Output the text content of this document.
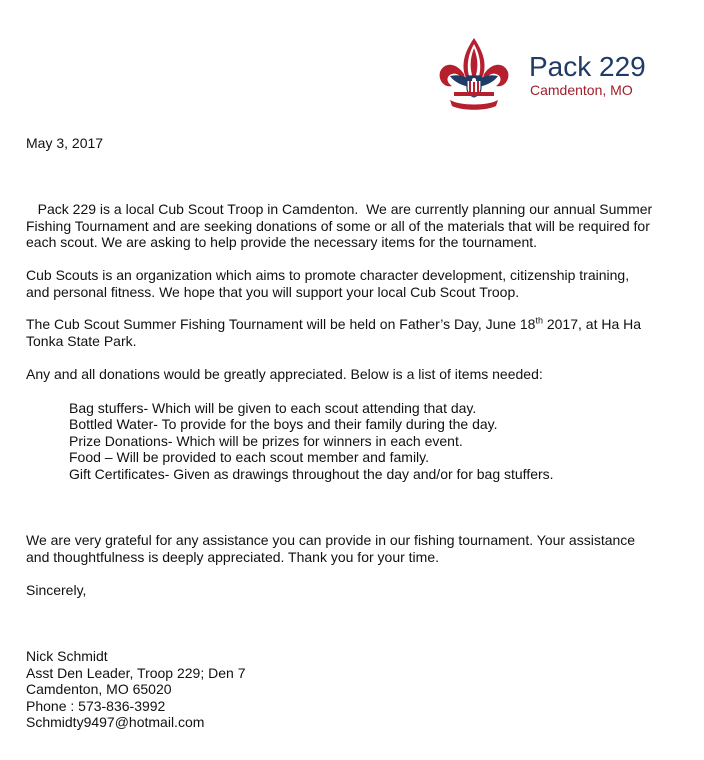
Pack 229
Camdenton, MO

May 3, 2017

Pack 229 is a local Cub Scout Troop in Camdenton.  We are currently planning our annual Summer

Fishing Tournament and are seeking donations of some or all of the materials that will be required for

each scout. We are asking to help provide the necessary items for the tournament.

Cub Scouts is an organization which aims to promote character development, citizenship training,

and personal fitness. We hope that you will support your local Cub Scout Troop.

The Cub Scout Summer Fishing Tournament will be held on Father’s Day, June 18th 2017, at Ha Ha

Tonka State Park.

Any and all donations would be greatly appreciated. Below is a list of items needed:

Bag stuffers- Which will be given to each scout attending that day.

Bottled Water- To provide for the boys and their family during the day.

Prize Donations- Which will be prizes for winners in each event.

Food – Will be provided to each scout member and family.

Gift Certificates- Given as drawings throughout the day and/or for bag stuffers.

We are very grateful for any assistance you can provide in our fishing tournament. Your assistance

and thoughtfulness is deeply appreciated. Thank you for your time.

Sincerely,

Nick Schmidt

Asst Den Leader, Troop 229; Den 7

Camdenton, MO 65020

Phone : 573-836-3992

Schmidty9497@hotmail.com
